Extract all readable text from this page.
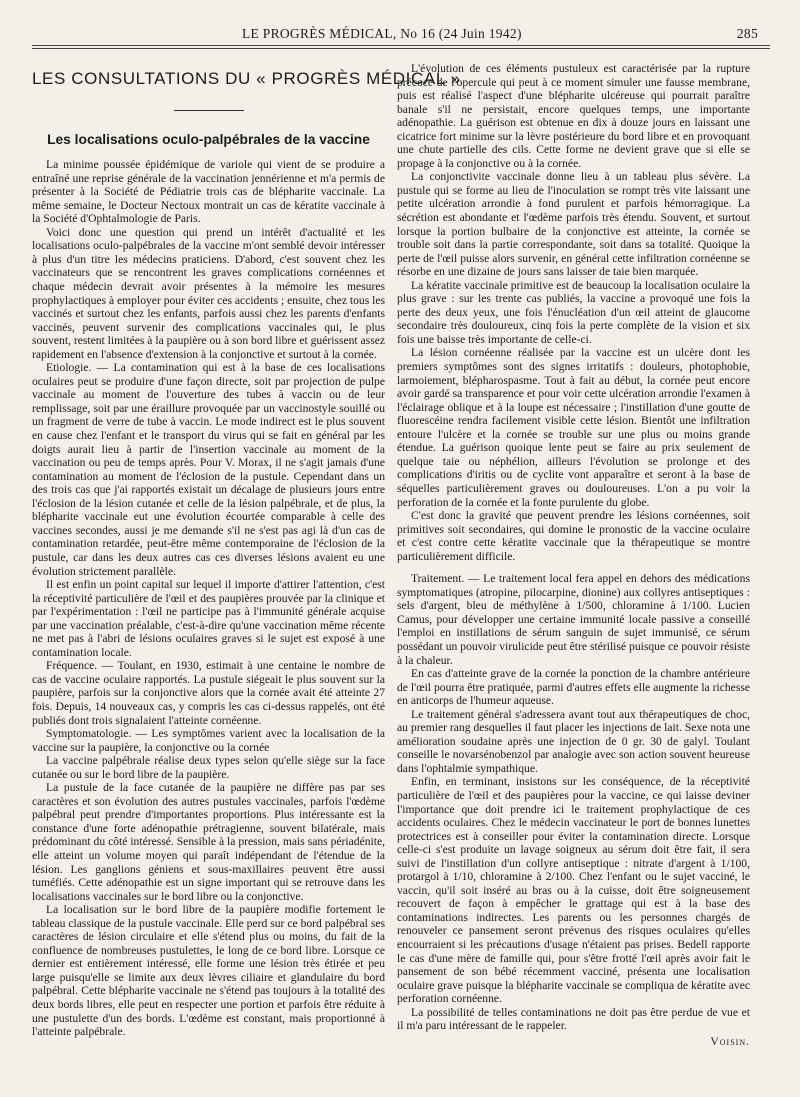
LE PROGRÈS MÉDICAL, No 16 (24 Juin 1942)	285
LES CONSULTATIONS DU « PROGRÈS MÉDICAL »
Les localisations oculo-palpébrales de la vaccine

La minime poussée épidémique de variole qui vient de se produire a entraîné une reprise générale de la vaccination jennérienne et m'a permis de présenter à la Société de Pédiatrie trois cas de blépharite vaccinale. La même semaine, le Docteur Nectoux montrait un cas de kératite vaccinale à la Société d'Ophtalmologie de Paris.

Voici donc une question qui prend un intérêt d'actualité et les localisations oculo-palpébrales de la vaccine m'ont semblé devoir intéresser à plus d'un titre les médecins praticiens. D'abord, c'est souvent chez les vaccinateurs que se rencontrent les graves complications cornéennes et chaque médecin devrait avoir présentes à la mémoire les mesures prophylactiques à employer pour éviter ces accidents ; ensuite, chez tous les vaccinés et surtout chez les enfants, parfois aussi chez les parents d'enfants vaccinés, peuvent survenir des complications vaccinales qui, le plus souvent, restent limitées à la paupière ou à son bord libre et guérissent assez rapidement en l'absence d'extension à la conjonctive et surtout à la cornée.

Etiologie. — La contamination qui est à la base de ces localisations oculaires peut se produire d'une façon directe, soit par projection de pulpe vaccinale au moment de l'ouverture des tubes à vaccin ou de leur remplissage, soit par une éraillure provoquée par un vaccinostyle souillé ou un fragment de verre de tube à vaccin. Le mode indirect est le plus souvent en cause chez l'enfant et le transport du virus qui se fait en général par les doigts aurait lieu à partir de l'insertion vaccinale au moment de la vaccination ou peu de temps après. Pour V. Morax, il ne s'agit jamais d'une contamination au moment de l'éclosion de la pustule. Cependant dans un des trois cas que j'ai rapportés existait un décalage de plusieurs jours entre l'éclosion de la lésion cutanée et celle de la lésion palpébrale, et de plus, la blépharite vaccinale eut une évolution écourtée comparable à celle des vaccines secondes, aussi je me demande s'il ne s'est pas agi là d'un cas de contamination retardée, peut-être même contemporaine de l'éclosion de la pustule, car dans les deux autres cas ces diverses lésions avaient eu une évolution strictement parallèle.

Il est enfin un point capital sur lequel il importe d'attirer l'attention, c'est la réceptivité particulière de l'œil et des paupières prouvée par la clinique et par l'expérimentation : l'œil ne participe pas à l'immunité générale acquise par une vaccination préalable, c'est-à-dire qu'une vaccination même récente ne met pas à l'abri de lésions oculaires graves si le sujet est exposé à une contamination locale.

Fréquence. — Toulant, en 1930, estimait à une centaine le nombre de cas de vaccine oculaire rapportés. La pustule siégeait le plus souvent sur la paupière, parfois sur la conjonctive alors que la cornée avait été atteinte 27 fois. Depuis, 14 nouveaux cas, y compris les cas ci-dessus rappelés, ont été publiés dont trois signalaient l'atteinte cornéenne.

Symptomatologie. — Les symptômes varient avec la localisation de la vaccine sur la paupière, la conjonctive ou la cornée

La vaccine palpébrale réalise deux types selon qu'elle siège sur la face cutanée ou sur le bord libre de la paupière.

La pustule de la face cutanée de la paupière ne diffère pas par ses caractères et son évolution des autres pustules vaccinales, parfois l'œdème palpébral peut prendre d'importantes proportions. Plus intéressante est la constance d'une forte adénopathie prétragienne, souvent bilatérale, mais prédominant du côté intéressé. Sensible à la pression, mais sans périadénite, elle atteint un volume moyen qui paraît indépendant de l'étendue de la lésion. Les ganglions géniens et sous-maxillaires peuvent être aussi tuméfiés. Cette adénopathie est un signe important qui se retrouve dans les localisations vaccinales sur le bord libre ou la conjonctive.

La localisation sur le bord libre de la paupière modifie fortement le tableau classique de la pustule vaccinale. Elle perd sur ce bord palpébral ses caractères de lésion circulaire et elle s'étend plus ou moins, du fait de la confluence de nombreuses pustulettes, le long de ce bord libre. Lorsque ce dernier est entièrement intéressé, elle forme une lésion très étirée et peu large puisqu'elle se limite aux deux lèvres ciliaire et glandulaire du bord palpébral. Cette blépharite vaccinale ne s'étend pas toujours à la totalité des deux bords libres, elle peut en respecter une portion et parfois être réduite à une pustulette d'un des bords. L'œdème est constant, mais proportionné à l'atteinte palpébrale.

L'évolution de ces éléments pustuleux est caractérisée par la rupture précoce de l'opercule qui peut à ce moment simuler une fausse membrane, puis est réalisé l'aspect d'une blépharite ulcéreuse qui pourrait paraître banale s'il ne persistait, encore quelques temps, une importante adénopathie. La guérison est obtenue en dix à douze jours en laissant une cicatrice fort minime sur la lèvre postérieure du bord libre et en provoquant une chute partielle des cils. Cette forme ne devient grave que si elle se propage à la conjonctive ou à la cornée.

La conjonctivite vaccinale donne lieu à un tableau plus sévère. La pustule qui se forme au lieu de l'inoculation se rompt très vite laissant une petite ulcération arrondie à fond purulent et parfois hémorragique. La sécrétion est abondante et l'œdème parfois très étendu. Souvent, et surtout lorsque la portion bulbaire de la conjonctive est atteinte, la cornée se trouble soit dans la partie correspondante, soit dans sa totalité. Quoique la perte de l'œil puisse alors survenir, en général cette infiltration cornéenne se résorbe en une dizaine de jours sans laisser de taie bien marquée.

La kératite vaccinale primitive est de beaucoup la localisation oculaire la plus grave : sur les trente cas publiés, la vaccine a provoqué une fois la perte des deux yeux, une fois l'énucléation d'un œil atteint de glaucome secondaire très douloureux, cinq fois la perte complète de la vision et six fois une baisse très importante de celle-ci.

La lésion cornéenne réalisée par la vaccine est un ulcère dont les premiers symptômes sont des signes irritatifs : douleurs, photophobie, larmoiement, blépharospasme. Tout à fait au début, la cornée peut encore avoir gardé sa transparence et pour voir cette ulcération arrondie l'examen à l'éclairage oblique et à la loupe est nécessaire ; l'instillation d'une goutte de fluorescéine rendra facilement visible cette lésion. Bientôt une infiltration entoure l'ulcère et la cornée se trouble sur une plus ou moins grande étendue. La guérison quoique lente peut se faire au prix seulement de quelque taie ou néphélion, ailleurs l'évolution se prolonge et des complications d'iritis ou de cyclite vont apparaître et seront à la base de séquelles particulièrement graves ou douloureuses. L'on a pu voir la perforation de la cornée et la fonte purulente du globe.

C'est donc la gravité que peuvent prendre les lésions cornéennes, soit primitives soit secondaires, qui domine le pronostic de la vaccine oculaire et c'est contre cette kératite vaccinale que la thérapeutique se montre particulièrement difficile.

Traitement. — Le traitement local fera appel en dehors des médications symptomatiques (atropine, pilocarpine, dionine) aux collyres antiseptiques : sels d'argent, bleu de méthylène à 1/500, chloramine à 1/100. Lucien Camus, pour développer une certaine immunité locale passive a conseillé l'emploi en instillations de sérum sanguin de sujet immunisé, ce sérum possédant un pouvoir virulicide peut être stérilisé puisque ce pouvoir résiste à la chaleur.

En cas d'atteinte grave de la cornée la ponction de la chambre antérieure de l'œil pourra être pratiquée, parmi d'autres effets elle augmente la richesse en anticorps de l'humeur aqueuse.

Le traitement général s'adressera avant tout aux thérapeutiques de choc, au premier rang desquelles il faut placer les injections de lait. Sexe nota une amélioration soudaine après une injection de 0 gr. 30 de galyl. Toulant conseille le novarsénobenzol par analogie avec son action souvent heureuse dans l'ophtalmie sympathique.

Enfin, en terminant, insistons sur les conséquence, de la réceptivité particulière de l'œil et des paupières pour la vaccine, ce qui laisse deviner l'importance que doit prendre ici le traitement prophylactique de ces accidents oculaires. Chez le médecin vaccinateur le port de bonnes lunettes protectrices est à conseiller pour éviter la contamination directe. Lorsque celle-ci s'est produite un lavage soigneux au sérum doit être fait, il sera suivi de l'instillation d'un collyre antiseptique : nitrate d'argent à 1/100, protargol à 1/10, chloramine à 2/100. Chez l'enfant ou le sujet vacciné, le vaccin, qu'il soit inséré au bras ou à la cuisse, doit être soigneusement recouvert de façon à empêcher le grattage qui est à la base des contaminations indirectes. Les parents ou les personnes chargés de renouveler ce pansement seront prévenus des risques oculaires qu'elles encourraient si les précautions d'usage n'étaient pas prises. Bedell rapporte le cas d'une mère de famille qui, pour s'être frotté l'œil après avoir fait le pansement de son bébé récemment vacciné, présenta une localisation oculaire grave puisque la blépharite vaccinale se compliqua de kératite avec perforation cornéenne.

La possibilité de telles contaminations ne doit pas être perdue de vue et il m'a paru intéressant de le rappeler.

Voisin.
